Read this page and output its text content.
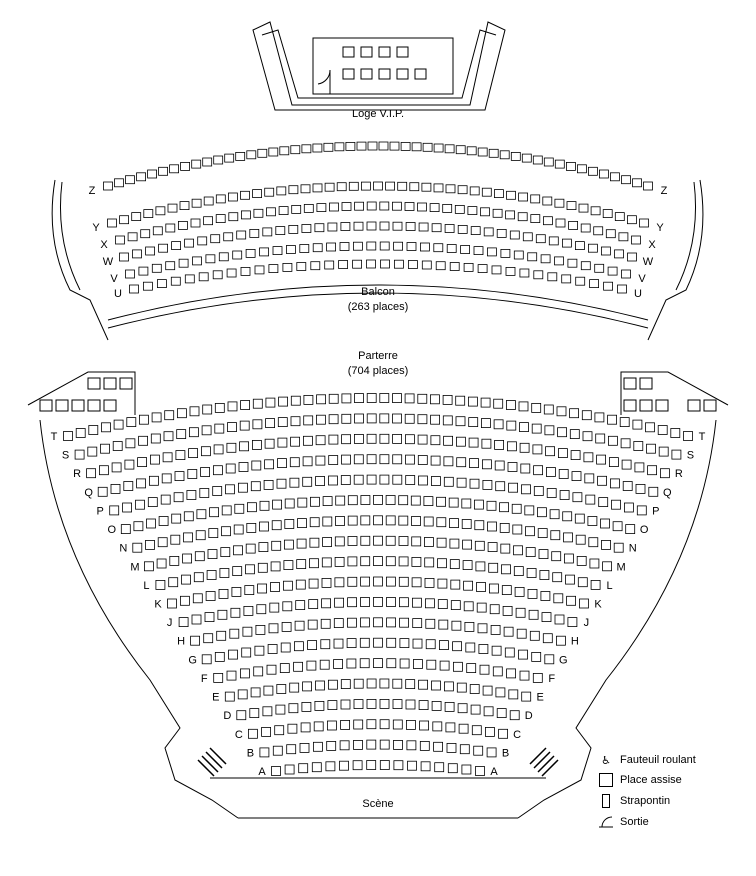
T	T
S	S
R	R
Q	Q
P	P
O	O
N	N
M	M
L	L
K	K
J	J
H	H
G	G
F	F
E	E
D	D
C	C
B	B
A	A
Z	Z
Y	Y
X	X
W	W
V	V
U	U
Loge V.I.P.
Balcon
(263 places)
Parterre
(704 places)
Scène
♿ Fauteuil roulant
Place assise
Strapontin
Sortie
